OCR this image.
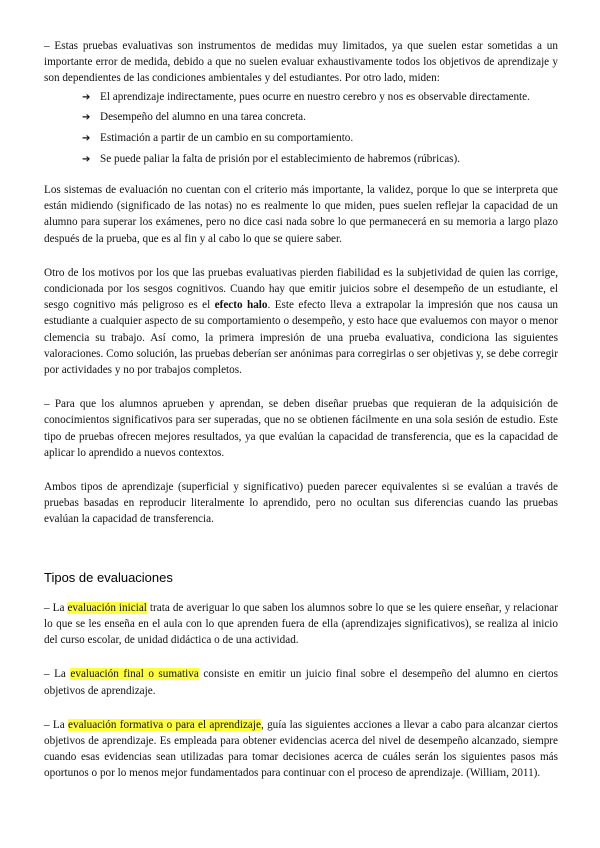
– Estas pruebas evaluativas son instrumentos de medidas muy limitados, ya que suelen estar sometidas a un importante error de medida, debido a que no suelen evaluar exhaustivamente todos los objetivos de aprendizaje y son dependientes de las condiciones ambientales y del estudiantes. Por otro lado, miden:

➔ El aprendizaje indirectamente, pues ocurre en nuestro cerebro y nos es observable directamente.
➔ Desempeño del alumno en una tarea concreta.
➔ Estimación a partir de un cambio en su comportamiento.
➔ Se puede paliar la falta de prisión por el establecimiento de habremos (rúbricas).

Los sistemas de evaluación no cuentan con el criterio más importante, la validez, porque lo que se interpreta que están midiendo (significado de las notas) no es realmente lo que miden, pues suelen reflejar la capacidad de un alumno para superar los exámenes, pero no dice casi nada sobre lo que permanecerá en su memoria a largo plazo después de la prueba, que es al fin y al cabo lo que se quiere saber.

Otro de los motivos por los que las pruebas evaluativas pierden fiabilidad es la subjetividad de quien las corrige, condicionada por los sesgos cognitivos. Cuando hay que emitir juicios sobre el desempeño de un estudiante, el sesgo cognitivo más peligroso es el efecto halo. Este efecto lleva a extrapolar la impresión que nos causa un estudiante a cualquier aspecto de su comportamiento o desempeño, y esto hace que evaluemos con mayor o menor clemencia su trabajo. Así como, la primera impresión de una prueba evaluativa, condiciona las siguientes valoraciones. Como solución, las pruebas deberían ser anónimas para corregirlas o ser objetivas y, se debe corregir por actividades y no por trabajos completos.

– Para que los alumnos aprueben y aprendan, se deben diseñar pruebas que requieran de la adquisición de conocimientos significativos para ser superadas, que no se obtienen fácilmente en una sola sesión de estudio. Este tipo de pruebas ofrecen mejores resultados, ya que evalúan la capacidad de transferencia, que es la capacidad de aplicar lo aprendido a nuevos contextos.

Ambos tipos de aprendizaje (superficial y significativo) pueden parecer equivalentes si se evalúan a través de pruebas basadas en reproducir literalmente lo aprendido, pero no ocultan sus diferencias cuando las pruebas evalúan la capacidad de transferencia.

Tipos de evaluaciones

– La evaluación inicial trata de averiguar lo que saben los alumnos sobre lo que se les quiere enseñar, y relacionar lo que se les enseña en el aula con lo que aprenden fuera de ella (aprendizajes significativos), se realiza al inicio del curso escolar, de unidad didáctica o de una actividad.

– La evaluación final o sumativa consiste en emitir un juicio final sobre el desempeño del alumno en ciertos objetivos de aprendizaje.

– La evaluación formativa o para el aprendizaje, guía las siguientes acciones a llevar a cabo para alcanzar ciertos objetivos de aprendizaje. Es empleada para obtener evidencias acerca del nivel de desempeño alcanzado, siempre cuando esas evidencias sean utilizadas para tomar decisiones acerca de cuáles serán los siguientes pasos más oportunos o por lo menos mejor fundamentados para continuar con el proceso de aprendizaje. (William, 2011).
